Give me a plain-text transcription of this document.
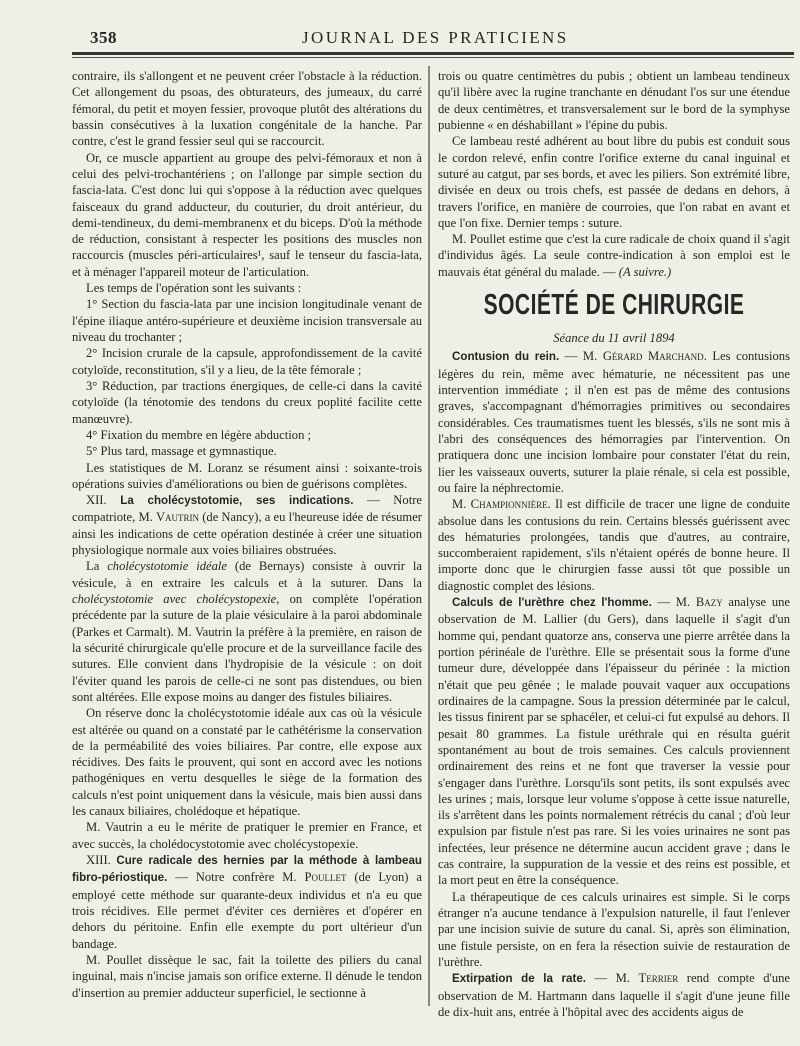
358	JOURNAL DES PRATICIENS

contraire, ils s'allongent et ne peuvent créer l'obstacle à la réduction. Cet allongement du psoas, des obturateurs, des jumeaux, du carré fémoral, du petit et moyen fessier, provoque plutôt des altérations du bassin consécutives à la luxation congénitale de la hanche. Par contre, c'est le grand fessier seul qui se raccourcit.

Or, ce muscle appartient au groupe des pelvi-fémoraux et non à celui des pelvi-trochantériens ; on l'allonge par simple section du fascia-lata. C'est donc lui qui s'oppose à la réduction avec quelques faisceaux du grand adducteur, du couturier, du droit antérieur, du demi-tendineux, du demi-membranenx et du biceps. D'où la méthode de réduction, consistant à respecter les positions des muscles non raccourcis (muscles péri-articulaires¹, sauf le tenseur du fascia-lata, et à ménager l'appareil moteur de l'articulation.

Les temps de l'opération sont les suivants :

1° Section du fascia-lata par une incision longitudinale venant de l'épine iliaque antéro-supérieure et deuxième incision transversale au niveau du trochanter ;

2° Incision crurale de la capsule, approfondissement de la cavité cotyloïde, reconstitution, s'il y a lieu, de la tête fémorale ;

3° Réduction, par tractions énergiques, de celle-ci dans la cavité cotyloïde (la ténotomie des tendons du creux poplité facilite cette manœuvre).

4° Fixation du membre en légère abduction ;

5° Plus tard, massage et gymnastique.

Les statistiques de M. Loranz se résument ainsi : soixante-trois opérations suivies d'améliorations ou bien de guérisons complètes.

XII. La cholécystotomie, ses indications. — Notre compatriote, M. Vautrin (de Nancy), a eu l'heureuse idée de résumer ainsi les indications de cette opération destinée à créer une situation physiologique normale aux voies biliaires obstruées.

La cholécystotomie idéale (de Bernays) consiste à ouvrir la vésicule, à en extraire les calculs et à la suturer. Dans la cholécystotomie avec cholécystopexie, on complète l'opération précédente par la suture de la plaie vésiculaire à la paroi abdominale (Parkes et Carmalt). M. Vautrin la préfère à la première, en raison de la sécurité chirurgicale qu'elle procure et de la surveillance facile des sutures. Elle convient dans l'hydropisie de la vésicule : on doit l'éviter quand les parois de celle-ci ne sont pas distendues, ou bien sont altérées. Elle expose moins au danger des fistules biliaires.

On réserve donc la cholécystotomie idéale aux cas où la vésicule est altérée ou quand on a constaté par le cathétérisme la conservation de la perméabilité des voies biliaires. Par contre, elle expose aux récidives. Des faits le prouvent, qui sont en accord avec les notions pathogéniques en vertu desquelles le siège de la formation des calculs n'est point uniquement dans la vésicule, mais bien aussi dans les canaux biliaires, cholédoque et hépatique.

M. Vautrin a eu le mérite de pratiquer le premier en France, et avec succès, la cholédocystotomie avec cholécystopexie.

XIII. Cure radicale des hernies par la méthode à lambeau fibro-périostique. — Notre confrère M. Poullet (de Lyon) a employé cette méthode sur quarante-deux individus et n'a eu que trois récidives. Elle permet d'éviter ces dernières et d'opérer en dehors du péritoine. Enfin elle exempte du port ultérieur d'un bandage.

M. Poullet dissèque le sac, fait la toilette des piliers du canal inguinal, mais n'incise jamais son orifice externe. Il dénude le tendon d'insertion au premier adducteur superficiel, le sectionne à

trois ou quatre centimètres du pubis ; obtient un lambeau tendineux qu'il libère avec la rugine tranchante en dénudant l'os sur une étendue de deux centimètres, et transversalement sur le bord de la symphyse pubienne « en déshabillant » l'épine du pubis.

Ce lambeau resté adhérent au bout libre du pubis est conduit sous le cordon relevé, enfin contre l'orifice externe du canal inguinal et suturé au catgut, par ses bords, et avec les piliers. Son extrémité libre, divisée en deux ou trois chefs, est passée de dedans en dehors, à travers l'orifice, en manière de courroies, que l'on rabat en avant et que l'on fixe. Dernier temps : suture.

M. Poullet estime que c'est la cure radicale de choix quand il s'agit d'individus âgés. La seule contre-indication à son emploi est le mauvais état général du malade. — (A suivre.)

SOCIÉTÉ DE CHIRURGIE
Séance du 11 avril 1894

Contusion du rein. — M. Gérard Marchand. Les contusions légères du rein, même avec hématurie, ne nécessitent pas une intervention immédiate ; il n'en est pas de même des contusions graves, s'accompagnant d'hémorragies primitives ou secondaires considérables. Ces traumatismes tuent les blessés, s'ils ne sont mis à l'abri des conséquences des hémorragies par l'intervention. On pratiquera donc une incision lombaire pour constater l'état du rein, lier les vaisseaux ouverts, suturer la plaie rénale, si cela est possible, ou faire la néphrectomie.

M. Championnière. Il est difficile de tracer une ligne de conduite absolue dans les contusions du rein. Certains blessés guérissent avec des hématuries prolongées, tandis que d'autres, au contraire, succomberaient rapidement, s'ils n'étaient opérés de bonne heure. Il importe donc que le chirurgien fasse aussi tôt que possible un diagnostic complet des lésions.

Calculs de l'urèthre chez l'homme. — M. Bazy analyse une observation de M. Lallier (du Gers), dans laquelle il s'agit d'un homme qui, pendant quatorze ans, conserva une pierre arrêtée dans la portion périnéale de l'urèthre. Elle se présentait sous la forme d'une tumeur dure, développée dans l'épaisseur du périnée : la miction n'était que peu gênée ; le malade pouvait vaquer aux occupations ordinaires de la campagne. Sous la pression déterminée par le calcul, les tissus finirent par se sphacéler, et celui-ci fut expulsé au dehors. Il pesait 80 grammes. La fistule uréthrale qui en résulta guérit spontanément au bout de trois semaines. Ces calculs proviennent ordinairement des reins et ne font que traverser la vessie pour s'engager dans l'urèthre. Lorsqu'ils sont petits, ils sont expulsés avec les urines ; mais, lorsque leur volume s'oppose à cette issue naturelle, ils s'arrêtent dans les points normalement rétrécis du canal ; d'où leur expulsion par fistule n'est pas rare. Si les voies urinaires ne sont pas infectées, leur présence ne détermine aucun accident grave ; dans le cas contraire, la suppuration de la vessie et des reins est possible, et la mort peut en être la conséquence.

La thérapeutique de ces calculs urinaires est simple. Si le corps étranger n'a aucune tendance à l'expulsion naturelle, il faut l'enlever par une incision suivie de suture du canal. Si, après son élimination, une fistule persiste, on en fera la résection suivie de restauration de l'urèthre.

Extirpation de la rate. — M. Terrier rend compte d'une observation de M. Hartmann dans laquelle il s'agit d'une jeune fille de dix-huit ans, entrée à l'hôpital avec des accidents aigus de
